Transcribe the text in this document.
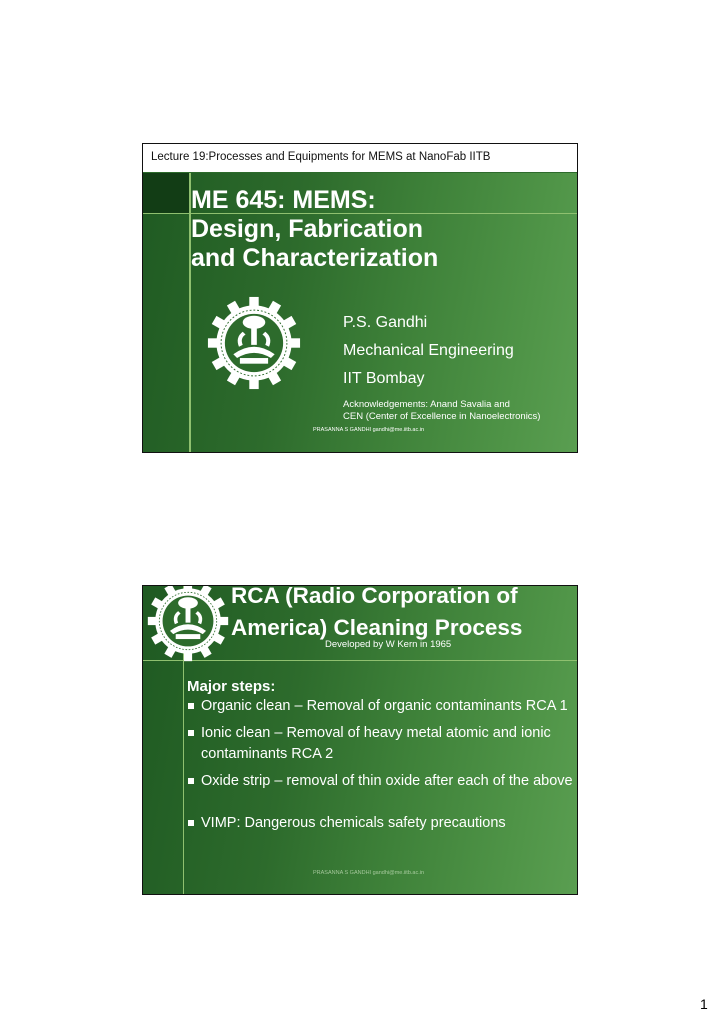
Lecture 19:Processes and Equipments for MEMS at NanoFab IITB
ME 645: MEMS:
Design, Fabrication
and Characterization
P.S. Gandhi
Mechanical Engineering
IIT Bombay
Acknowledgements: Anand Savalia and
CEN (Center of Excellence in Nanoelectronics)
PRASANNA S GANDHI gandhi@me.iitb.ac.in
RCA (Radio Corporation of
America) Cleaning Process
Developed by W Kern in 1965
Major steps:
Organic clean – Removal of organic contaminants RCA 1
Ionic clean – Removal of heavy metal atomic and ionic contaminants RCA 2
Oxide strip – removal of thin oxide after each of the above
VIMP: Dangerous chemicals safety precautions
PRASANNA S GANDHI gandhi@me.iitb.ac.in
1
